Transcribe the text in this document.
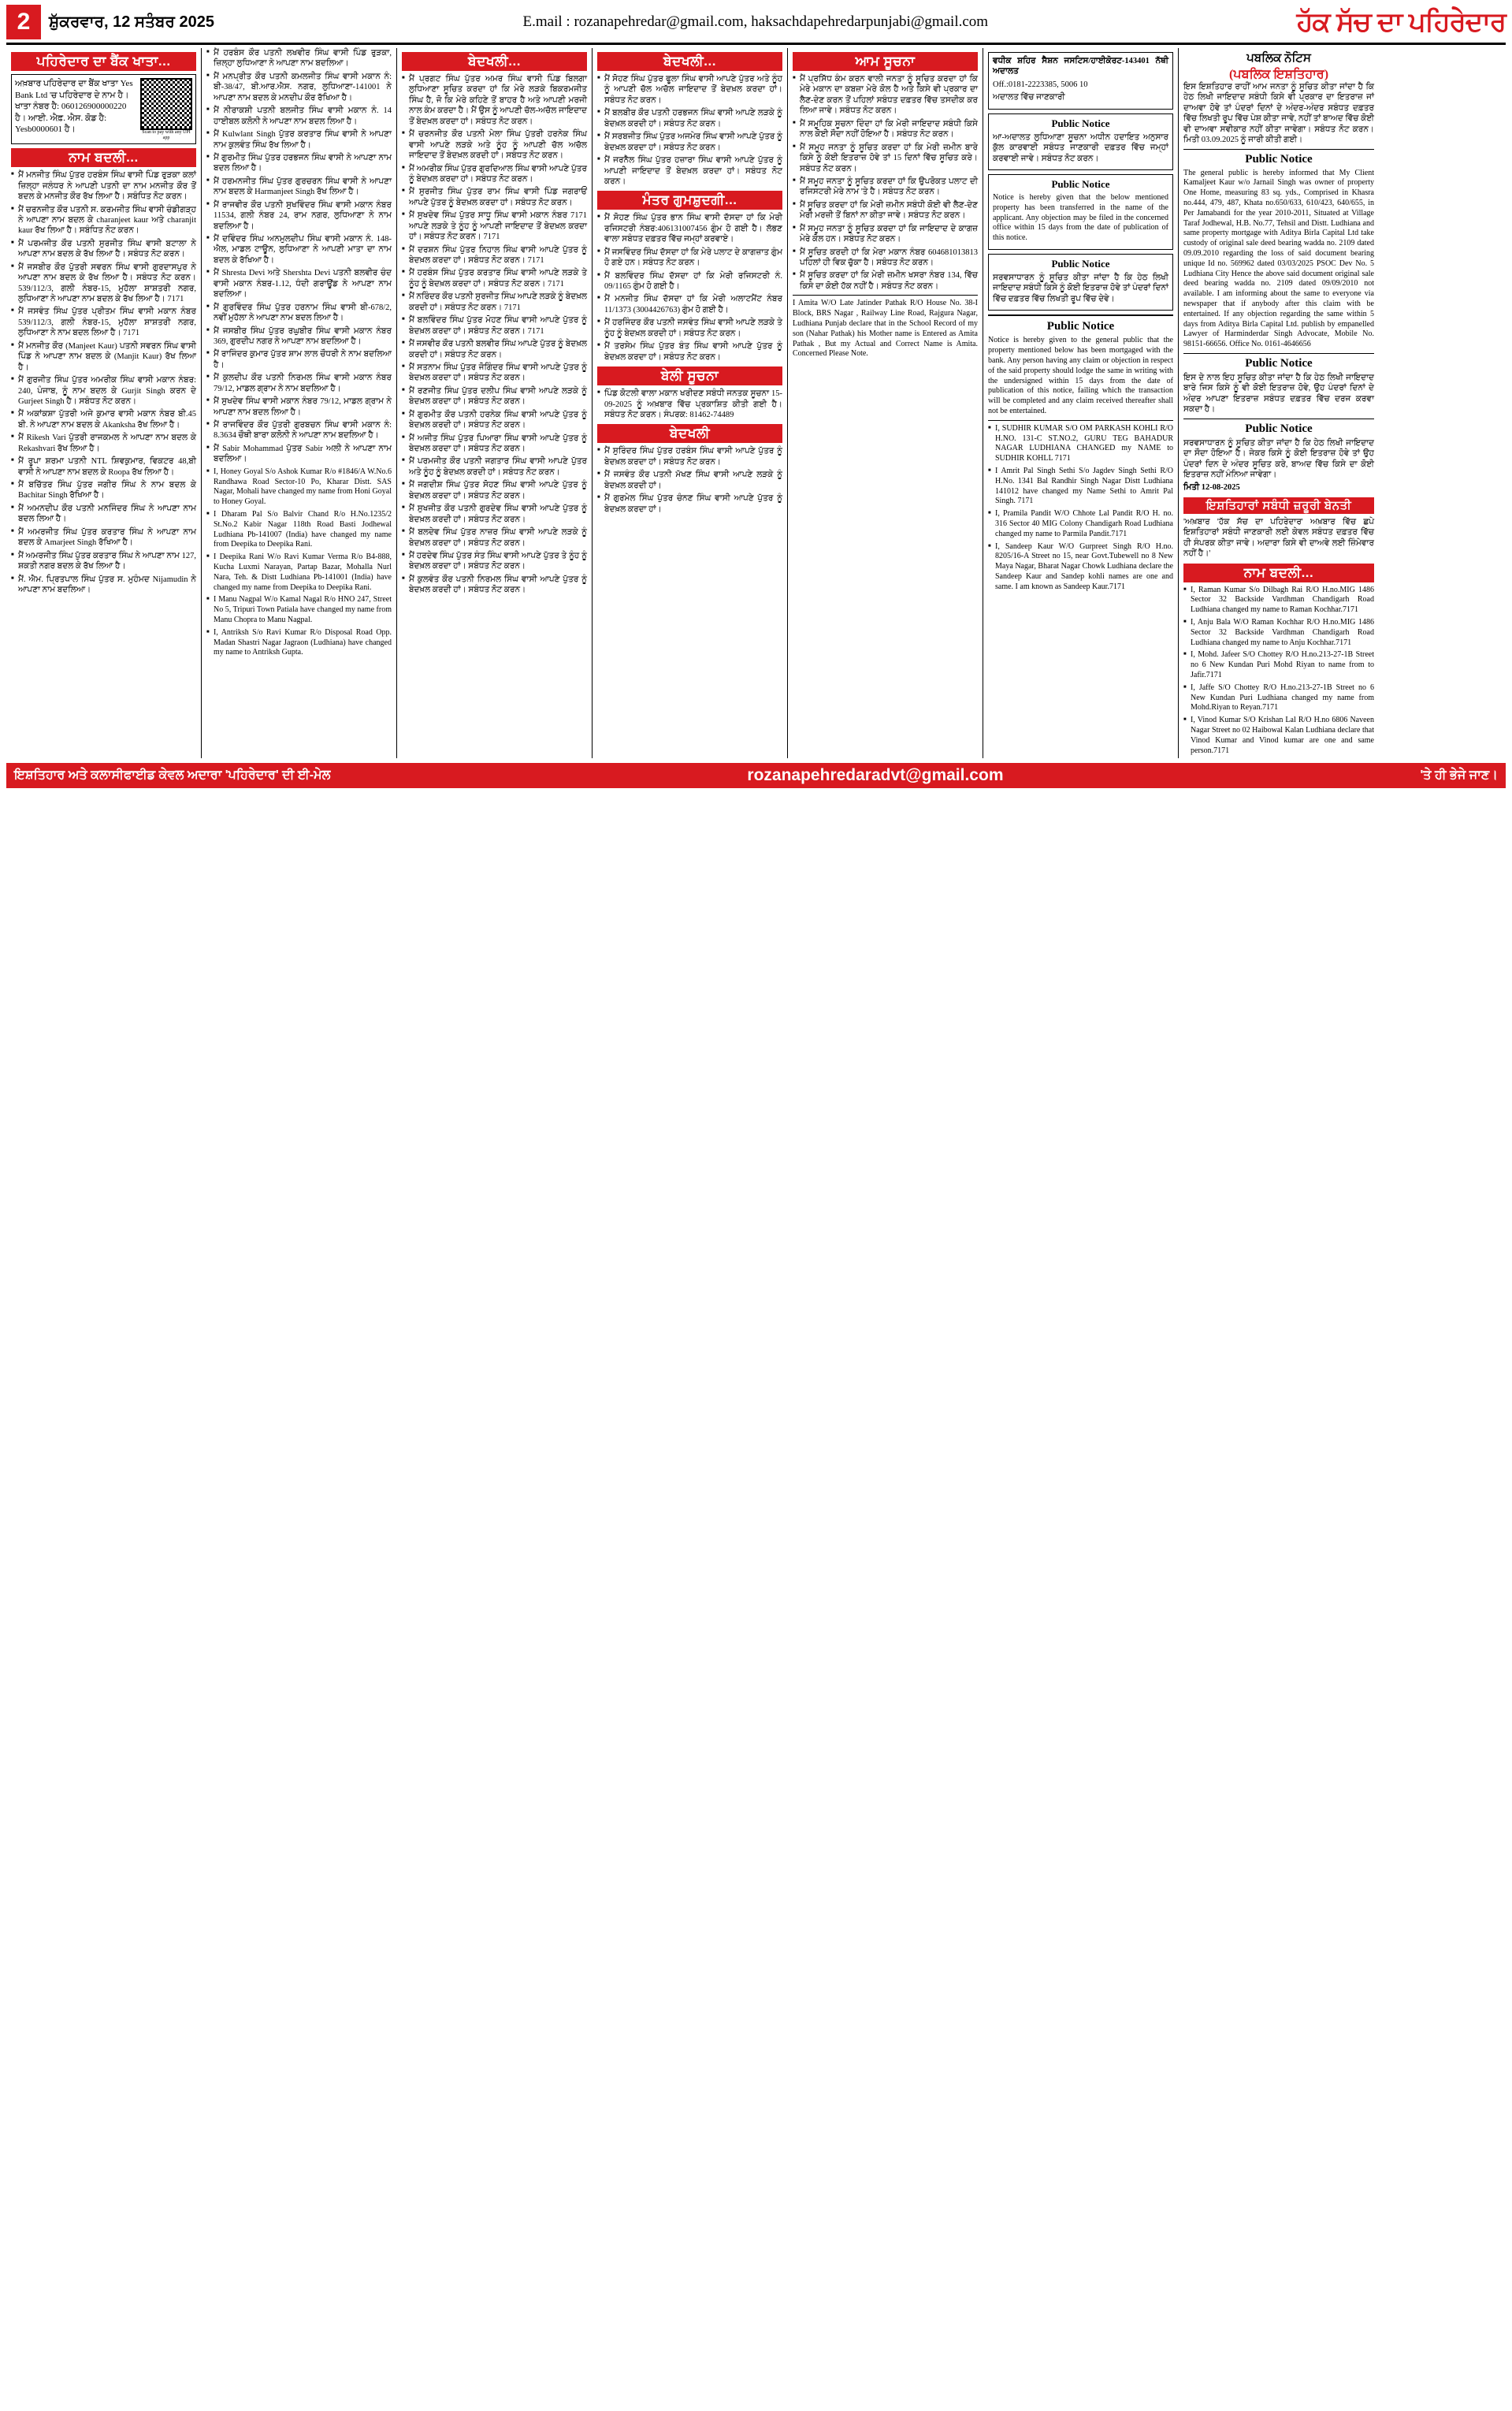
2	ਸ਼ੁੱਕਰਵਾਰ, 12 ਸਤੰਬਰ 2025	E.mail : rozanapehredar@gmail.com, haksachdapehredarpunjabi@gmail.com	ਹੱਕ ਸੱਚ ਦਾ ਪਹਿਰੇਦਾਰ
ਪਹਿਰੇਦਾਰ ਦਾ ਬੈਂਕ ਖਾਤਾ...
ਅਖ਼ਬਾਰ ਪਹਿਰੇਦਾਰ ਦਾ ਬੈਂਕ ਖਾਤਾ Yes Bank Ltd 'ਚ ਪਹਿਰੇਦਾਰ ਦੇ ਨਾਮ ਹੈ। ਖਾਤਾ ਨੰਬਰ ਹੈ: 060126900000220 ਹੈ। ਆਈ. ਐਫ਼. ਐਸ. ਕੋਡ ਹੈ: Yesb0000601 ਹੈ।	Scan to pay with any UPI app
ਨਾਮ ਬਦਲੀ...

■ ਮੈਂ ਮਨਜੀਤ ਸਿੰਘ ਪੁੱਤਰ ਹਰਬੰਸ ਸਿੰਘ ਵਾਸੀ ਪਿੰਡ ਰੁੜਕਾ ਕਲਾਂ ਜ਼ਿਲ੍ਹਾ ਜਲੰਧਰ ਨੇ ਆਪਣੀ ਪਤਨੀ ਦਾ ਨਾਮ ਮਨਜੀਤ ਕੌਰ ਤੋਂ ਬਦਲ ਕੇ ਮਨਜੀਤ ਕੌਰ ਰੱਖ ਲਿਆ ਹੈ। ਸਬੰਧਿਤ ਨੋਟ ਕਰਨ।

■ ਮੈਂ ਚਰਨਜੀਤ ਕੌਰ ਪਤਨੀ ਸ. ਕਰਮਜੀਤ ਸਿੰਘ ਵਾਸੀ ਚੰਡੀਗੜ੍ਹ ਨੇ ਆਪਣਾ ਨਾਮ ਬਦਲ ਕੇ charanjeet kaur ਅਤੇ charanjit kaur ਰੱਖ ਲਿਆ ਹੈ। ਸਬੰਧਿਤ ਨੋਟ ਕਰਨ।

■ ਮੈਂ ਪਰਮਜੀਤ ਕੌਰ ਪਤਨੀ ਸੁਰਜੀਤ ਸਿੰਘ ਵਾਸੀ ਬਟਾਲਾ ਨੇ ਆਪਣਾ ਨਾਮ ਬਦਲ ਕੇ ਰੱਖ ਲਿਆ ਹੈ। ਸਬੰਧਤ ਨੋਟ ਕਰਨ।

■ ਮੈਂ ਜਸਬੀਰ ਕੌਰ ਪੁੱਤਰੀ ਸਵਰਨ ਸਿੰਘ ਵਾਸੀ ਗੁਰਦਾਸਪੁਰ ਨੇ ਆਪਣਾ ਨਾਮ ਬਦਲ ਕੇ ਰੱਖ ਲਿਆ ਹੈ। ਸਬੰਧਤ ਨੋਟ ਕਰਨ। 539/112/3, ਗਲੀ ਨੰਬਰ-15, ਮੁਹੱਲਾ ਸ਼ਾਸ਼ਤਰੀ ਨਗਰ, ਲੁਧਿਆਣਾ ਨੇ ਆਪਣਾ ਨਾਮ ਬਦਲ ਕੇ ਰੱਖ ਲਿਆ ਹੈ। 7171

■ ਮੈਂ ਜਸਵੰਤ ਸਿੰਘ ਪੁੱਤਰ ਪ੍ਰੀਤਮ ਸਿੰਘ ਵਾਸੀ ਮਕਾਨ ਨੰਬਰ 539/112/3, ਗਲੀ ਨੰਬਰ-15, ਮੁਹੱਲਾ ਸ਼ਾਸ਼ਤਰੀ ਨਗਰ, ਲੁਧਿਆਣਾ ਨੇ ਨਾਮ ਬਦਲ ਲਿਆ ਹੈ। 7171

■ ਮੈਂ ਮਨਜੀਤ ਕੌਰ (Manjeet Kaur) ਪਤਨੀ ਸਵਰਨ ਸਿੰਘ ਵਾਸੀ ਪਿੰਡ ਨੇ ਆਪਣਾ ਨਾਮ ਬਦਲ ਕੇ (Manjit Kaur) ਰੱਖ ਲਿਆ ਹੈ।

■ ਮੈਂ ਗੁਰਜੀਤ ਸਿੰਘ ਪੁੱਤਰ ਅਮਰੀਕ ਸਿੰਘ ਵਾਸੀ ਮਕਾਨ ਨੰਬਰ: 240, ਪੰਜਾਬ, ਨੂੰ ਨਾਮ ਬਦਲ ਕੇ Gurjit Singh ਕਰਨ ਦੇ Gurjeet Singh ਹੈ। ਸਬੰਧਤ ਨੋਟ ਕਰਨ।

■ ਮੈਂ ਅਕਾਂਕਸ਼ਾ ਪੁੱਤਰੀ ਅਜੇ ਕੁਮਾਰ ਵਾਸੀ ਮਕਾਨ ਨੰਬਰ ਬੀ.45 ਬੀ. ਨੇ ਆਪਣਾ ਨਾਮ ਬਦਲ ਕੇ Akanksha ਰੱਖ ਲਿਆ ਹੈ।

■ ਮੈਂ Rikesh Vari ਪੁੱਤਰੀ ਰਾਜਕਮਲ ਨੇ ਆਪਣਾ ਨਾਮ ਬਦਲ ਕੇ Rekashvari ਰੱਖ ਲਿਆ ਹੈ।

■ ਮੈਂ ਰੂਪਾ ਸ਼ਰਮਾ ਪਤਨੀ NTL ਸ਼ਿਵਕੁਮਾਰ, ਵਿਕਟਰ 48,ਬੀ ਵਾਸੀ ਨੇ ਆਪਣਾ ਨਾਮ ਬਦਲ ਕੇ Roopa ਰੱਖ ਲਿਆ ਹੈ।

■ ਮੈਂ ਬਚਿੱਤਰ ਸਿੰਘ ਪੁੱਤਰ ਜਗੀਰ ਸਿੰਘ ਨੇ ਨਾਮ ਬਦਲ ਕੇ Bachitar Singh ਰੱਖਿਆ ਹੈ।

■ ਮੈਂ ਅਮਨਦੀਪ ਕੌਰ ਪਤਨੀ ਮਨਜਿੰਦਰ ਸਿੰਘ ਨੇ ਆਪਣਾ ਨਾਮ ਬਦਲ ਲਿਆ ਹੈ।

■ ਮੈਂ ਅਮਰਜੀਤ ਸਿੰਘ ਪੁੱਤਰ ਕਰਤਾਰ ਸਿੰਘ ਨੇ ਆਪਣਾ ਨਾਮ ਬਦਲ ਕੇ Amarjeet Singh ਰੱਖਿਆ ਹੈ।

■ ਮੈਂ ਅਮਰਜੀਤ ਸਿੰਘ ਪੁੱਤਰ ਕਰਤਾਰ ਸਿੰਘ ਨੇ ਆਪਣਾ ਨਾਮ 127, ਸ਼ਕਤੀ ਨਗਰ ਬਦਲ ਕੇ ਰੱਖ ਲਿਆ ਹੈ।

■ ਮੈਂ. ਐਮ. ਪ੍ਰਿਤਪਾਲ ਸਿੰਘ ਪੁੱਤਰ ਸ. ਮੁਹੰਮਦ Nijamudin ਨੇ ਆਪਣਾ ਨਾਮ ਬਦਲਿਆ।

■ ਮੈਂ ਹਰਬੰਸ ਕੌਰ ਪਤਨੀ ਲਖਵੀਰ ਸਿੰਘ ਵਾਸੀ ਪਿੰਡ ਰੁੜਕਾ, ਜ਼ਿਲ੍ਹਾ ਲੁਧਿਆਣਾ ਨੇ ਆਪਣਾ ਨਾਮ ਬਦਲਿਆ।

■ ਮੈਂ ਮਨਪ੍ਰੀਤ ਕੌਰ ਪਤਨੀ ਕਮਲਜੀਤ ਸਿੰਘ ਵਾਸੀ ਮਕਾਨ ਨੰ: ਬੀ-38/47, ਬੀ.ਆਰ.ਐਸ. ਨਗਰ, ਲੁਧਿਆਣਾ-141001 ਨੇ ਆਪਣਾ ਨਾਮ ਬਦਲ ਕੇ ਮਨਦੀਪ ਕੌਰ ਰੱਖਿਆ ਹੈ।

■ ਮੈਂ ਨੀਰਾਕਸ਼ੀ ਪਤਨੀ ਬਲਜੀਤ ਸਿੰਘ ਵਾਸੀ ਮਕਾਨ ਨੰ. 14 ਹਾਈਬਲ ਕਲੋਨੀ ਨੇ ਆਪਣਾ ਨਾਮ ਬਦਲ ਲਿਆ ਹੈ।

■ ਮੈਂ Kulwlant Singh ਪੁੱਤਰ ਕਰਤਾਰ ਸਿੰਘ ਵਾਸੀ ਨੇ ਆਪਣਾ ਨਾਮ ਕੁਲਵੰਤ ਸਿੰਘ ਰੱਖ ਲਿਆ ਹੈ।

■ ਮੈਂ ਗੁਰਮੀਤ ਸਿੰਘ ਪੁੱਤਰ ਹਰਭਜਨ ਸਿੰਘ ਵਾਸੀ ਨੇ ਆਪਣਾ ਨਾਮ ਬਦਲ ਲਿਆ ਹੈ।

■ ਮੈਂ ਹਰਮਨਜੀਤ ਸਿੰਘ ਪੁੱਤਰ ਗੁਰਚਰਨ ਸਿੰਘ ਵਾਸੀ ਨੇ ਆਪਣਾ ਨਾਮ ਬਦਲ ਕੇ Harmanjeet Singh ਰੱਖ ਲਿਆ ਹੈ।

■ ਮੈਂ ਰਾਜਵੀਰ ਕੌਰ ਪਤਨੀ ਸੁਖਵਿੰਦਰ ਸਿੰਘ ਵਾਸੀ ਮਕਾਨ ਨੰਬਰ 11534, ਗਲੀ ਨੰਬਰ 24, ਰਾਮ ਨਗਰ, ਲੁਧਿਆਣਾ ਨੇ ਨਾਮ ਬਦਲਿਆ ਹੈ।

■ ਮੈਂ ਦਵਿੰਦਰ ਸਿੰਘ ਅਨਮੁਲਦੀਪ ਸਿੰਘ ਵਾਸੀ ਮਕਾਨ ਨੰ. 148-ਐਲ, ਮਾਡਲ ਟਾਊਨ, ਲੁਧਿਆਣਾ ਨੇ ਆਪਣੀ ਮਾਤਾ ਦਾ ਨਾਮ ਬਦਲ ਕੇ ਰੱਖਿਆ ਹੈ।

■ ਮੈਂ Shresta Devi ਅਤੇ Shershta Devi ਪਤਨੀ ਬਲਵੀਰ ਚੰਦ ਵਾਸੀ ਮਕਾਨ ਨੰਬਰ-1.12, ਧੰਦੀ ਗਰਾਊਂਡ ਨੇ ਆਪਣਾ ਨਾਮ ਬਦਲਿਆ।

■ ਮੈਂ ਗੁਰਵਿੰਦਰ ਸਿੰਘ ਪੁੱਤਰ ਹਰਨਾਮ ਸਿੰਘ ਵਾਸੀ ਬੀ-678/2, ਨਵੀਂ ਮੁਹੱਲਾ ਨੇ ਆਪਣਾ ਨਾਮ ਬਦਲ ਲਿਆ ਹੈ।

■ ਮੈਂ ਜਸਬੀਰ ਸਿੰਘ ਪੁੱਤਰ ਰਘੁਬੀਰ ਸਿੰਘ ਵਾਸੀ ਮਕਾਨ ਨੰਬਰ 369, ਗੁਰਦੀਪ ਨਗਰ ਨੇ ਆਪਣਾ ਨਾਮ ਬਦਲਿਆ ਹੈ।

■ ਮੈਂ ਰਾਜਿੰਦਰ ਕੁਮਾਰ ਪੁੱਤਰ ਸ਼ਾਮ ਲਾਲ ਚੌਧਰੀ ਨੇ ਨਾਮ ਬਦਲਿਆ ਹੈ।

■ ਮੈਂ ਕੁਲਦੀਪ ਕੌਰ ਪਤਨੀ ਨਿਰਮਲ ਸਿੰਘ ਵਾਸੀ ਮਕਾਨ ਨੰਬਰ 79/12, ਮਾਡਲ ਗ੍ਰਾਮ ਨੇ ਨਾਮ ਬਦਲਿਆ ਹੈ।

■ ਮੈਂ ਸੁਖਦੇਵ ਸਿੰਘ ਵਾਸੀ ਮਕਾਨ ਨੰਬਰ 79/12, ਮਾਡਲ ਗ੍ਰਾਮ ਨੇ ਆਪਣਾ ਨਾਮ ਬਦਲ ਲਿਆ ਹੈ।

■ ਮੈਂ ਰਾਜਵਿੰਦਰ ਕੌਰ ਪੁੱਤਰੀ ਗੁਰਬਚਨ ਸਿੰਘ ਵਾਸੀ ਮਕਾਨ ਨੰ: 8.3634 ਚੌਥੀ ਬਾਰਾ ਕਲੋਨੀ ਨੇ ਆਪਣਾ ਨਾਮ ਬਦਲਿਆ ਹੈ।

■ ਮੈਂ Sabir Mohammad ਪੁੱਤਰ Sabir ਅਲੀ ਨੇ ਆਪਣਾ ਨਾਮ ਬਦਲਿਆ।

■ I, Honey Goyal S/o Ashok Kumar R/o #1846/A W.No.6 Randhawa Road Sector-10 Po, Kharar Distt. SAS Nagar, Mohali have changed my name from Honi Goyal to Honey Goyal.

■ I Dharam Pal S/o Balvir Chand R/o H.No.1235/2 St.No.2 Kabir Nagar 118th Road Basti Jodhewal Ludhiana Pb-141007 (India) have changed my name from Deepika to Deepika Rani.

■ I Deepika Rani W/o Ravi Kumar Verma R/o B4-888, Kucha Luxmi Narayan, Partap Bazar, Mohalla Nurl Nara, Teh. & Distt Ludhiana Pb-141001 (India) have changed my name from Deepika to Deepika Rani.

■ I Manu Nagpal W/o Kamal Nagal R/o HNO 247, Street No 5, Tripuri Town Patiala have changed my name from Manu Chopra to Manu Nagpal.

■ I, Antriksh S/o Ravi Kumar R/o Disposal Road Opp. Madan Shastri Nagar Jagraon (Ludhiana) have changed my name to Antriksh Gupta.

ਬੇਦਖਲੀ...

■ ਮੈਂ ਪ੍ਰਗਟ ਸਿੰਘ ਪੁੱਤਰ ਅਮਰ ਸਿੰਘ ਵਾਸੀ ਪਿੰਡ ਬਿਲਗਾ ਲੁਧਿਆਣਾ ਸੂਚਿਤ ਕਰਦਾ ਹਾਂ ਕਿ ਮੇਰੇ ਲੜਕੇ ਬਿਕਰਮਜੀਤ ਸਿੰਘ ਹੈ, ਜੋ ਕਿ ਮੇਰੇ ਕਹਿਣੇ ਤੋਂ ਬਾਹਰ ਹੈ ਅਤੇ ਆਪਣੀ ਮਰਜੀ ਨਾਲ ਕੰਮ ਕਰਦਾ ਹੈ। ਮੈਂ ਉਸ ਨੂੰ ਆਪਣੀ ਚੱਲ-ਅਚੱਲ ਜਾਇਦਾਦ ਤੋਂ ਬੇਦਖ਼ਲ ਕਰਦਾ ਹਾਂ। ਸਬੰਧਤ ਨੋਟ ਕਰਨ।

■ ਮੈਂ ਚਰਨਜੀਤ ਕੌਰ ਪਤਨੀ ਮੇਲਾ ਸਿੰਘ ਪੁੱਤਰੀ ਹਰਨੇਕ ਸਿੰਘ ਵਾਸੀ ਆਪਣੇ ਲੜਕੇ ਅਤੇ ਨੂੰਹ ਨੂੰ ਆਪਣੀ ਚੱਲ ਅਚੱਲ ਜਾਇਦਾਦ ਤੋਂ ਬੇਦਖ਼ਲ ਕਰਦੀ ਹਾਂ। ਸਬੰਧਤ ਨੋਟ ਕਰਨ।

■ ਮੈਂ ਅਮਰੀਕ ਸਿੰਘ ਪੁੱਤਰ ਗੁਰਦਿਆਲ ਸਿੰਘ ਵਾਸੀ ਆਪਣੇ ਪੁੱਤਰ ਨੂੰ ਬੇਦਖ਼ਲ ਕਰਦਾ ਹਾਂ। ਸਬੰਧਤ ਨੋਟ ਕਰਨ।

■ ਮੈਂ ਸੁਰਜੀਤ ਸਿੰਘ ਪੁੱਤਰ ਰਾਮ ਸਿੰਘ ਵਾਸੀ ਪਿੰਡ ਜਗਰਾਓਂ ਆਪਣੇ ਪੁੱਤਰ ਨੂੰ ਬੇਦਖ਼ਲ ਕਰਦਾ ਹਾਂ। ਸਬੰਧਤ ਨੋਟ ਕਰਨ।

■ ਮੈਂ ਸੁਖਦੇਵ ਸਿੰਘ ਪੁੱਤਰ ਸਾਧੂ ਸਿੰਘ ਵਾਸੀ ਮਕਾਨ ਨੰਬਰ 7171 ਆਪਣੇ ਲੜਕੇ ਤੇ ਨੂੰਹ ਨੂੰ ਆਪਣੀ ਜਾਇਦਾਦ ਤੋਂ ਬੇਦਖ਼ਲ ਕਰਦਾ ਹਾਂ। ਸਬੰਧਤ ਨੋਟ ਕਰਨ। 7171

■ ਮੈਂ ਦਰਸ਼ਨ ਸਿੰਘ ਪੁੱਤਰ ਨਿਹਾਲ ਸਿੰਘ ਵਾਸੀ ਆਪਣੇ ਪੁੱਤਰ ਨੂੰ ਬੇਦਖ਼ਲ ਕਰਦਾ ਹਾਂ। ਸਬੰਧਤ ਨੋਟ ਕਰਨ। 7171

■ ਮੈਂ ਹਰਬੰਸ ਸਿੰਘ ਪੁੱਤਰ ਕਰਤਾਰ ਸਿੰਘ ਵਾਸੀ ਆਪਣੇ ਲੜਕੇ ਤੇ ਨੂੰਹ ਨੂੰ ਬੇਦਖ਼ਲ ਕਰਦਾ ਹਾਂ। ਸਬੰਧਤ ਨੋਟ ਕਰਨ। 7171

■ ਮੈਂ ਨਰਿੰਦਰ ਕੌਰ ਪਤਨੀ ਸੁਰਜੀਤ ਸਿੰਘ ਆਪਣੇ ਲੜਕੇ ਨੂੰ ਬੇਦਖ਼ਲ ਕਰਦੀ ਹਾਂ। ਸਬੰਧਤ ਨੋਟ ਕਰਨ। 7171

■ ਮੈਂ ਬਲਵਿੰਦਰ ਸਿੰਘ ਪੁੱਤਰ ਮੋਹਣ ਸਿੰਘ ਵਾਸੀ ਆਪਣੇ ਪੁੱਤਰ ਨੂੰ ਬੇਦਖ਼ਲ ਕਰਦਾ ਹਾਂ। ਸਬੰਧਤ ਨੋਟ ਕਰਨ। 7171

■ ਮੈਂ ਜਸਵੀਰ ਕੌਰ ਪਤਨੀ ਬਲਵੀਰ ਸਿੰਘ ਆਪਣੇ ਪੁੱਤਰ ਨੂੰ ਬੇਦਖ਼ਲ ਕਰਦੀ ਹਾਂ। ਸਬੰਧਤ ਨੋਟ ਕਰਨ।

■ ਮੈਂ ਸਤਨਾਮ ਸਿੰਘ ਪੁੱਤਰ ਜੋਗਿੰਦਰ ਸਿੰਘ ਵਾਸੀ ਆਪਣੇ ਪੁੱਤਰ ਨੂੰ ਬੇਦਖ਼ਲ ਕਰਦਾ ਹਾਂ। ਸਬੰਧਤ ਨੋਟ ਕਰਨ।

■ ਮੈਂ ਰਣਜੀਤ ਸਿੰਘ ਪੁੱਤਰ ਦਲੀਪ ਸਿੰਘ ਵਾਸੀ ਆਪਣੇ ਲੜਕੇ ਨੂੰ ਬੇਦਖ਼ਲ ਕਰਦਾ ਹਾਂ। ਸਬੰਧਤ ਨੋਟ ਕਰਨ।

■ ਮੈਂ ਗੁਰਮੀਤ ਕੌਰ ਪਤਨੀ ਹਰਨੇਕ ਸਿੰਘ ਵਾਸੀ ਆਪਣੇ ਪੁੱਤਰ ਨੂੰ ਬੇਦਖ਼ਲ ਕਰਦੀ ਹਾਂ। ਸਬੰਧਤ ਨੋਟ ਕਰਨ।

■ ਮੈਂ ਅਜੀਤ ਸਿੰਘ ਪੁੱਤਰ ਪਿਆਰਾ ਸਿੰਘ ਵਾਸੀ ਆਪਣੇ ਪੁੱਤਰ ਨੂੰ ਬੇਦਖ਼ਲ ਕਰਦਾ ਹਾਂ। ਸਬੰਧਤ ਨੋਟ ਕਰਨ।

■ ਮੈਂ ਪਰਮਜੀਤ ਕੌਰ ਪਤਨੀ ਜਗਤਾਰ ਸਿੰਘ ਵਾਸੀ ਆਪਣੇ ਪੁੱਤਰ ਅਤੇ ਨੂੰਹ ਨੂੰ ਬੇਦਖ਼ਲ ਕਰਦੀ ਹਾਂ। ਸਬੰਧਤ ਨੋਟ ਕਰਨ।

■ ਮੈਂ ਜਗਦੀਸ਼ ਸਿੰਘ ਪੁੱਤਰ ਸੋਹਣ ਸਿੰਘ ਵਾਸੀ ਆਪਣੇ ਪੁੱਤਰ ਨੂੰ ਬੇਦਖ਼ਲ ਕਰਦਾ ਹਾਂ। ਸਬੰਧਤ ਨੋਟ ਕਰਨ।

■ ਮੈਂ ਸੁਖਜੀਤ ਕੌਰ ਪਤਨੀ ਗੁਰਦੇਵ ਸਿੰਘ ਵਾਸੀ ਆਪਣੇ ਪੁੱਤਰ ਨੂੰ ਬੇਦਖ਼ਲ ਕਰਦੀ ਹਾਂ। ਸਬੰਧਤ ਨੋਟ ਕਰਨ।

■ ਮੈਂ ਬਲਦੇਵ ਸਿੰਘ ਪੁੱਤਰ ਨਾਜ਼ਰ ਸਿੰਘ ਵਾਸੀ ਆਪਣੇ ਲੜਕੇ ਨੂੰ ਬੇਦਖ਼ਲ ਕਰਦਾ ਹਾਂ। ਸਬੰਧਤ ਨੋਟ ਕਰਨ।

■ ਮੈਂ ਹਰਦੇਵ ਸਿੰਘ ਪੁੱਤਰ ਸੰਤ ਸਿੰਘ ਵਾਸੀ ਆਪਣੇ ਪੁੱਤਰ ਤੇ ਨੂੰਹ ਨੂੰ ਬੇਦਖ਼ਲ ਕਰਦਾ ਹਾਂ। ਸਬੰਧਤ ਨੋਟ ਕਰਨ।

■ ਮੈਂ ਕੁਲਵੰਤ ਕੌਰ ਪਤਨੀ ਨਿਰਮਲ ਸਿੰਘ ਵਾਸੀ ਆਪਣੇ ਪੁੱਤਰ ਨੂੰ ਬੇਦਖ਼ਲ ਕਰਦੀ ਹਾਂ। ਸਬੰਧਤ ਨੋਟ ਕਰਨ।

ਬੇਦਖਲੀ...

■ ਮੈਂ ਸੋਹਣ ਸਿੰਘ ਪੁੱਤਰ ਫੂਲਾ ਸਿੰਘ ਵਾਸੀ ਆਪਣੇ ਪੁੱਤਰ ਅਤੇ ਨੂੰਹ ਨੂੰ ਆਪਣੀ ਚੱਲ ਅਚੱਲ ਜਾਇਦਾਦ ਤੋਂ ਬੇਦਖ਼ਲ ਕਰਦਾ ਹਾਂ। ਸਬੰਧਤ ਨੋਟ ਕਰਨ।

■ ਮੈਂ ਬਲਬੀਰ ਕੌਰ ਪਤਨੀ ਹਰਭਜਨ ਸਿੰਘ ਵਾਸੀ ਆਪਣੇ ਲੜਕੇ ਨੂੰ ਬੇਦਖ਼ਲ ਕਰਦੀ ਹਾਂ। ਸਬੰਧਤ ਨੋਟ ਕਰਨ।

■ ਮੈਂ ਸਰਬਜੀਤ ਸਿੰਘ ਪੁੱਤਰ ਅਜਮੇਰ ਸਿੰਘ ਵਾਸੀ ਆਪਣੇ ਪੁੱਤਰ ਨੂੰ ਬੇਦਖ਼ਲ ਕਰਦਾ ਹਾਂ। ਸਬੰਧਤ ਨੋਟ ਕਰਨ।

■ ਮੈਂ ਜਰਨੈਲ ਸਿੰਘ ਪੁੱਤਰ ਹਜ਼ਾਰਾ ਸਿੰਘ ਵਾਸੀ ਆਪਣੇ ਪੁੱਤਰ ਨੂੰ ਆਪਣੀ ਜਾਇਦਾਦ ਤੋਂ ਬੇਦਖ਼ਲ ਕਰਦਾ ਹਾਂ। ਸਬੰਧਤ ਨੋਟ ਕਰਨ।

ਮੰਤਰ ਗੁਮਸ਼ੁਦਗੀ...

■ ਮੈਂ ਸੋਹਣ ਸਿੰਘ ਪੁੱਤਰ ਭਾਨ ਸਿੰਘ ਵਾਸੀ ਦੱਸਦਾ ਹਾਂ ਕਿ ਮੇਰੀ ਰਜਿਸਟਰੀ ਨੰਬਰ:406131007456 ਗੁੰਮ ਹੋ ਗਈ ਹੈ। ਲੱਭਣ ਵਾਲਾ ਸਬੰਧਤ ਦਫ਼ਤਰ ਵਿੱਚ ਜਮ੍ਹਾਂ ਕਰਵਾਏ।

■ ਮੈਂ ਜਸਵਿੰਦਰ ਸਿੰਘ ਦੱਸਦਾ ਹਾਂ ਕਿ ਮੇਰੇ ਪਲਾਟ ਦੇ ਕਾਗਜ਼ਾਤ ਗੁੰਮ ਹੋ ਗਏ ਹਨ। ਸਬੰਧਤ ਨੋਟ ਕਰਨ।

■ ਮੈਂ ਬਲਵਿੰਦਰ ਸਿੰਘ ਦੱਸਦਾ ਹਾਂ ਕਿ ਮੇਰੀ ਰਜਿਸਟਰੀ ਨੰ. 09/1165 ਗੁੰਮ ਹੋ ਗਈ ਹੈ।

■ ਮੈਂ ਮਨਜੀਤ ਸਿੰਘ ਦੱਸਦਾ ਹਾਂ ਕਿ ਮੇਰੀ ਅਲਾਟਮੈਂਟ ਨੰਬਰ 11/1373 (3004426763) ਗੁੰਮ ਹੋ ਗਈ ਹੈ।

■ ਮੈਂ ਹਰਜਿੰਦਰ ਕੌਰ ਪਤਨੀ ਜਸਵੰਤ ਸਿੰਘ ਵਾਸੀ ਆਪਣੇ ਲੜਕੇ ਤੇ ਨੂੰਹ ਨੂੰ ਬੇਦਖ਼ਲ ਕਰਦੀ ਹਾਂ। ਸਬੰਧਤ ਨੋਟ ਕਰਨ।

■ ਮੈਂ ਤਰਸੇਮ ਸਿੰਘ ਪੁੱਤਰ ਬੰਤ ਸਿੰਘ ਵਾਸੀ ਆਪਣੇ ਪੁੱਤਰ ਨੂੰ ਬੇਦਖ਼ਲ ਕਰਦਾ ਹਾਂ। ਸਬੰਧਤ ਨੋਟ ਕਰਨ।

ਬੇਲੀ ਸੂਚਨਾ

■ ਪਿੰਡ ਕੋਟਲੀ ਵਾਲਾ ਮਕਾਨ ਖਰੀਦਣ ਸਬੰਧੀ ਜਨਤਕ ਸੂਚਨਾ 15-09-2025 ਨੂੰ ਅਖ਼ਬਾਰ ਵਿੱਚ ਪ੍ਰਕਾਸ਼ਿਤ ਕੀਤੀ ਗਈ ਹੈ। ਸਬੰਧਤ ਨੋਟ ਕਰਨ। ਸੰਪਰਕ: 81462-74489

ਬੇਦਖਲੀ

■ ਮੈਂ ਸੁਰਿੰਦਰ ਸਿੰਘ ਪੁੱਤਰ ਹਰਬੰਸ ਸਿੰਘ ਵਾਸੀ ਆਪਣੇ ਪੁੱਤਰ ਨੂੰ ਬੇਦਖ਼ਲ ਕਰਦਾ ਹਾਂ। ਸਬੰਧਤ ਨੋਟ ਕਰਨ।

■ ਮੈਂ ਜਸਵੰਤ ਕੌਰ ਪਤਨੀ ਮੱਖਣ ਸਿੰਘ ਵਾਸੀ ਆਪਣੇ ਲੜਕੇ ਨੂੰ ਬੇਦਖ਼ਲ ਕਰਦੀ ਹਾਂ।

■ ਮੈਂ ਗੁਰਮੇਲ ਸਿੰਘ ਪੁੱਤਰ ਚੰਨਣ ਸਿੰਘ ਵਾਸੀ ਆਪਣੇ ਪੁੱਤਰ ਨੂੰ ਬੇਦਖ਼ਲ ਕਰਦਾ ਹਾਂ।

ਆਮ ਸੂਚਨਾ

■ ਮੈਂ ਪ੍ਰਸਿੱਧ ਕੰਮ ਕਰਨ ਵਾਲੀ ਜਨਤਾ ਨੂੰ ਸੂਚਿਤ ਕਰਦਾ ਹਾਂ ਕਿ ਮੇਰੇ ਮਕਾਨ ਦਾ ਕਬਜ਼ਾ ਮੇਰੇ ਕੋਲ ਹੈ ਅਤੇ ਕਿਸੇ ਵੀ ਪ੍ਰਕਾਰ ਦਾ ਲੈਣ-ਦੇਣ ਕਰਨ ਤੋਂ ਪਹਿਲਾਂ ਸਬੰਧਤ ਦਫ਼ਤਰ ਵਿੱਚ ਤਸਦੀਕ ਕਰ ਲਿਆ ਜਾਵੇ। ਸਬੰਧਤ ਨੋਟ ਕਰਨ।

■ ਮੈਂ ਸਮੂਹਿਕ ਸੂਚਨਾ ਦਿੰਦਾ ਹਾਂ ਕਿ ਮੇਰੀ ਜਾਇਦਾਦ ਸਬੰਧੀ ਕਿਸੇ ਨਾਲ ਕੋਈ ਸੌਦਾ ਨਹੀਂ ਹੋਇਆ ਹੈ। ਸਬੰਧਤ ਨੋਟ ਕਰਨ।

■ ਮੈਂ ਸਮੂਹ ਜਨਤਾ ਨੂੰ ਸੂਚਿਤ ਕਰਦਾ ਹਾਂ ਕਿ ਮੇਰੀ ਜ਼ਮੀਨ ਬਾਰੇ ਕਿਸੇ ਨੂੰ ਕੋਈ ਇਤਰਾਜ਼ ਹੋਵੇ ਤਾਂ 15 ਦਿਨਾਂ ਵਿੱਚ ਸੂਚਿਤ ਕਰੇ। ਸਬੰਧਤ ਨੋਟ ਕਰਨ।

■ ਮੈਂ ਸਮੂਹ ਜਨਤਾ ਨੂੰ ਸੂਚਿਤ ਕਰਦਾ ਹਾਂ ਕਿ ਉਪਰੋਕਤ ਪਲਾਟ ਦੀ ਰਜਿਸਟਰੀ ਮੇਰੇ ਨਾਮ 'ਤੇ ਹੈ। ਸਬੰਧਤ ਨੋਟ ਕਰਨ।

■ ਮੈਂ ਸੂਚਿਤ ਕਰਦਾ ਹਾਂ ਕਿ ਮੇਰੀ ਜ਼ਮੀਨ ਸਬੰਧੀ ਕੋਈ ਵੀ ਲੈਣ-ਦੇਣ ਮੇਰੀ ਮਰਜ਼ੀ ਤੋਂ ਬਿਨਾਂ ਨਾ ਕੀਤਾ ਜਾਵੇ। ਸਬੰਧਤ ਨੋਟ ਕਰਨ।

■ ਮੈਂ ਸਮੂਹ ਜਨਤਾ ਨੂੰ ਸੂਚਿਤ ਕਰਦਾ ਹਾਂ ਕਿ ਜਾਇਦਾਦ ਦੇ ਕਾਗਜ਼ ਮੇਰੇ ਕੋਲ ਹਨ। ਸਬੰਧਤ ਨੋਟ ਕਰਨ।

■ ਮੈਂ ਸੂਚਿਤ ਕਰਦੀ ਹਾਂ ਕਿ ਮੇਰਾ ਮਕਾਨ ਨੰਬਰ 604681013813 ਪਹਿਲਾਂ ਹੀ ਵਿਕ ਚੁੱਕਾ ਹੈ। ਸਬੰਧਤ ਨੋਟ ਕਰਨ।

■ ਮੈਂ ਸੂਚਿਤ ਕਰਦਾ ਹਾਂ ਕਿ ਮੇਰੀ ਜ਼ਮੀਨ ਖਸਰਾ ਨੰਬਰ 134, ਵਿੱਚ ਕਿਸੇ ਦਾ ਕੋਈ ਹੱਕ ਨਹੀਂ ਹੈ। ਸਬੰਧਤ ਨੋਟ ਕਰਨ।

I Amita W/O Late Jatinder Pathak R/O House No. 38-I Block, BRS Nagar , Railway Line Road, Rajgura Nagar, Ludhiana Punjab declare that in the School Record of my son (Nahar Pathak) his Mother name is Entered as Amita Pathak , But my Actual and Correct Name is Amita. Concerned Please Note.

ਵਧੀਕ ਸ਼ਹਿਰ ਸੈਸ਼ਨ ਜਸਟਿਸ/ਹਾਈਕੋਰਟ-143401 ਨੱਥੀ ਅਦਾਲਤ

Off.:0181-2223385, 5006 10

ਅਦਾਲਤ ਵਿੱਚ ਜਾਣਕਾਰੀ

Public Notice

ਆ-ਅਦਾਲਤ ਲੁਧਿਆਣਾ ਸੂਚਨਾ ਅਧੀਨ ਹਦਾਇਤ ਅਨੁਸਾਰ ਕੁੱਲ ਕਾਰਵਾਈ ਸਬੰਧਤ ਜਾਣਕਾਰੀ ਦਫ਼ਤਰ ਵਿੱਚ ਜਮ੍ਹਾਂ ਕਰਵਾਈ ਜਾਵੇ। ਸਬੰਧਤ ਨੋਟ ਕਰਨ।

Public Notice

Notice is hereby given that the below mentioned property has been transferred in the name of the applicant. Any objection may be filed in the concerned office within 15 days from the date of publication of this notice.

Public Notice

ਸਰਵਸਾਧਾਰਨ ਨੂੰ ਸੂਚਿਤ ਕੀਤਾ ਜਾਂਦਾ ਹੈ ਕਿ ਹੇਠ ਲਿਖੀ ਜਾਇਦਾਦ ਸਬੰਧੀ ਕਿਸੇ ਨੂੰ ਕੋਈ ਇਤਰਾਜ਼ ਹੋਵੇ ਤਾਂ ਪੰਦਰਾਂ ਦਿਨਾਂ ਵਿੱਚ ਦਫ਼ਤਰ ਵਿੱਚ ਲਿਖਤੀ ਰੂਪ ਵਿੱਚ ਦੇਵੇ।

Public Notice

Notice is hereby given to the general public that the property mentioned below has been mortgaged with the bank. Any person having any claim or objection in respect of the said property should lodge the same in writing with the undersigned within 15 days from the date of publication of this notice, failing which the transaction will be completed and any claim received thereafter shall not be entertained.

■ I, SUDHIR KUMAR S/O OM PARKASH KOHLI R/O H.NO. 131-C ST.NO.2, GURU TEG BAHADUR NAGAR LUDHIANA CHANGED my NAME to SUDHIR KOHLL 7171

■ I Amrit Pal Singh Sethi S/o Jagdev Singh Sethi R/O H.No. 1341 Bal Randhir Singh Nagar Distt Ludhiana 141012 have changed my Name Sethi to Amrit Pal Singh. 7171

■ I, Pramila Pandit W/O Chhote Lal Pandit R/O H. no. 316 Sector 40 MIG Colony Chandigarh Road Ludhiana changed my name to Parmila Pandit.7171

■ I, Sandeep Kaur W/O Gurpreet Singh R/O H.no. 8205/16-A Street no 15, near Govt.Tubewell no 8 New Maya Nagar, Bharat Nagar Chowk Ludhiana declare the Sandeep Kaur and Sandep kohli names are one and same. I am known as Sandeep Kaur.7171

ਪਬਲਿਕ ਨੋਟਿਸ
(ਪਬਲਿਕ ਇਸ਼ਤਿਹਾਰ)

ਇਸ ਇਸ਼ਤਿਹਾਰ ਰਾਹੀਂ ਆਮ ਜਨਤਾ ਨੂੰ ਸੂਚਿਤ ਕੀਤਾ ਜਾਂਦਾ ਹੈ ਕਿ ਹੇਠ ਲਿਖੀ ਜਾਇਦਾਦ ਸਬੰਧੀ ਕਿਸੇ ਵੀ ਪ੍ਰਕਾਰ ਦਾ ਇਤਰਾਜ਼ ਜਾਂ ਦਾਅਵਾ ਹੋਵੇ ਤਾਂ ਪੰਦਰਾਂ ਦਿਨਾਂ ਦੇ ਅੰਦਰ-ਅੰਦਰ ਸਬੰਧਤ ਦਫ਼ਤਰ ਵਿੱਚ ਲਿਖਤੀ ਰੂਪ ਵਿੱਚ ਪੇਸ਼ ਕੀਤਾ ਜਾਵੇ, ਨਹੀਂ ਤਾਂ ਬਾਅਦ ਵਿੱਚ ਕੋਈ ਵੀ ਦਾਅਵਾ ਸਵੀਕਾਰ ਨਹੀਂ ਕੀਤਾ ਜਾਵੇਗਾ। ਸਬੰਧਤ ਨੋਟ ਕਰਨ। ਮਿਤੀ 03.09.2025 ਨੂੰ ਜਾਰੀ ਕੀਤੀ ਗਈ।

Public Notice

The general public is hereby informed that My Client Kamaljeet Kaur w/o Jarnail Singh was owner of property One Home, measuring 83 sq. yds., Comprised in Khasra no.444, 479, 487, Khata no.650/633, 610/423, 640/655, in Per Jamabandi for the year 2010-2011, Situated at Village Taraf Jodhewal, H.B. No.77, Tehsil and Distt. Ludhiana and same property mortgage with Aditya Birla Capital Ltd take custody of original sale deed bearing wadda no. 2109 dated 09.09.2010 regarding the loss of said document bearing unique Id no. 569962 dated 03/03/2025 PSOC Dev No. 5 Ludhiana City Hence the above said document original sale deed bearing wadda no. 2109 dated 09/09/2010 not available. I am informing about the same to everyone via newspaper that if anybody after this claim with be entertained. If any objection regarding the same within 5 days from Aditya Birla Capital Ltd. publish by empanelled Lawyer of Harminderdar Singh Advocate, Mobile No. 98151-66656. Office No. 0161-4646656

Public Notice

ਇਸ ਦੇ ਨਾਲ ਇਹ ਸੂਚਿਤ ਕੀਤਾ ਜਾਂਦਾ ਹੈ ਕਿ ਹੇਠ ਲਿਖੀ ਜਾਇਦਾਦ ਬਾਰੇ ਜਿਸ ਕਿਸੇ ਨੂੰ ਵੀ ਕੋਈ ਇਤਰਾਜ਼ ਹੋਵੇ, ਉਹ ਪੰਦਰਾਂ ਦਿਨਾਂ ਦੇ ਅੰਦਰ ਆਪਣਾ ਇਤਰਾਜ਼ ਸਬੰਧਤ ਦਫ਼ਤਰ ਵਿੱਚ ਦਰਜ ਕਰਵਾ ਸਕਦਾ ਹੈ।

Public Notice

ਸਰਵਸਾਧਾਰਨ ਨੂੰ ਸੂਚਿਤ ਕੀਤਾ ਜਾਂਦਾ ਹੈ ਕਿ ਹੇਠ ਲਿਖੀ ਜਾਇਦਾਦ ਦਾ ਸੌਦਾ ਹੋਇਆ ਹੈ। ਜੇਕਰ ਕਿਸੇ ਨੂੰ ਕੋਈ ਇਤਰਾਜ਼ ਹੋਵੇ ਤਾਂ ਉਹ ਪੰਦਰਾਂ ਦਿਨ ਦੇ ਅੰਦਰ ਸੂਚਿਤ ਕਰੇ, ਬਾਅਦ ਵਿੱਚ ਕਿਸੇ ਦਾ ਕੋਈ ਇਤਰਾਜ਼ ਨਹੀਂ ਮੰਨਿਆ ਜਾਵੇਗਾ।

ਮਿਤੀ 12-08-2025

ਇਸ਼ਤਿਹਾਰਾਂ ਸਬੰਧੀ ਜ਼ਰੂਰੀ ਬੇਨਤੀ

'ਅਖ਼ਬਾਰ 'ਹੱਕ ਸੱਚ ਦਾ ਪਹਿਰੇਦਾਰ' ਅਖ਼ਬਾਰ ਵਿੱਚ ਛਪੇ ਇਸ਼ਤਿਹਾਰਾਂ ਸਬੰਧੀ ਜਾਣਕਾਰੀ ਲਈ ਕੇਵਲ ਸਬੰਧਤ ਦਫ਼ਤਰ ਵਿੱਚ ਹੀ ਸੰਪਰਕ ਕੀਤਾ ਜਾਵੇ। ਅਦਾਰਾ ਕਿਸੇ ਵੀ ਦਾਅਵੇ ਲਈ ਜ਼ਿੰਮੇਵਾਰ ਨਹੀਂ ਹੈ।'

ਨਾਮ ਬਦਲੀ...

■ I, Raman Kumar S/o Dilbagh Rai R/O H.no.MIG 1486 Sector 32 Backside Vardhman Chandigarh Road Ludhiana changed my name to Raman Kochhar.7171

■ I, Anju Bala W/O Raman Kochhar R/O H.no.MIG 1486 Sector 32 Backside Vardhman Chandigarh Road Ludhiana changed my name to Anju Kochhar.7171

■ I, Mohd. Jafeer S/O Chottey R/O H.no.213-27-1B Street no 6 New Kundan Puri Mohd Riyan to name from to Jafir.7171

■ I, Jaffe S/O Chottey R/O H.no.213-27-1B Street no 6 New Kundan Puri Ludhiana changed my name from Mohd.Riyan to Reyan.7171

■ I, Vinod Kumar S/O Krishan Lal R/O H.no 6806 Naveen Nagar Street no 02 Haibowal Kalan Ludhiana declare that Vinod Kumar and Vinod kumar are one and same person.7171

ਇਸ਼ਤਿਹਾਰ ਅਤੇ ਕਲਾਸੀਫਾਈਡ ਕੇਵਲ ਅਦਾਰਾ 'ਪਹਿਰੇਦਾਰ' ਦੀ ਈ-ਮੇਲ	rozanapehredaradvt@gmail.com	'ਤੇ ਹੀ ਭੇਜੇ ਜਾਣ।
